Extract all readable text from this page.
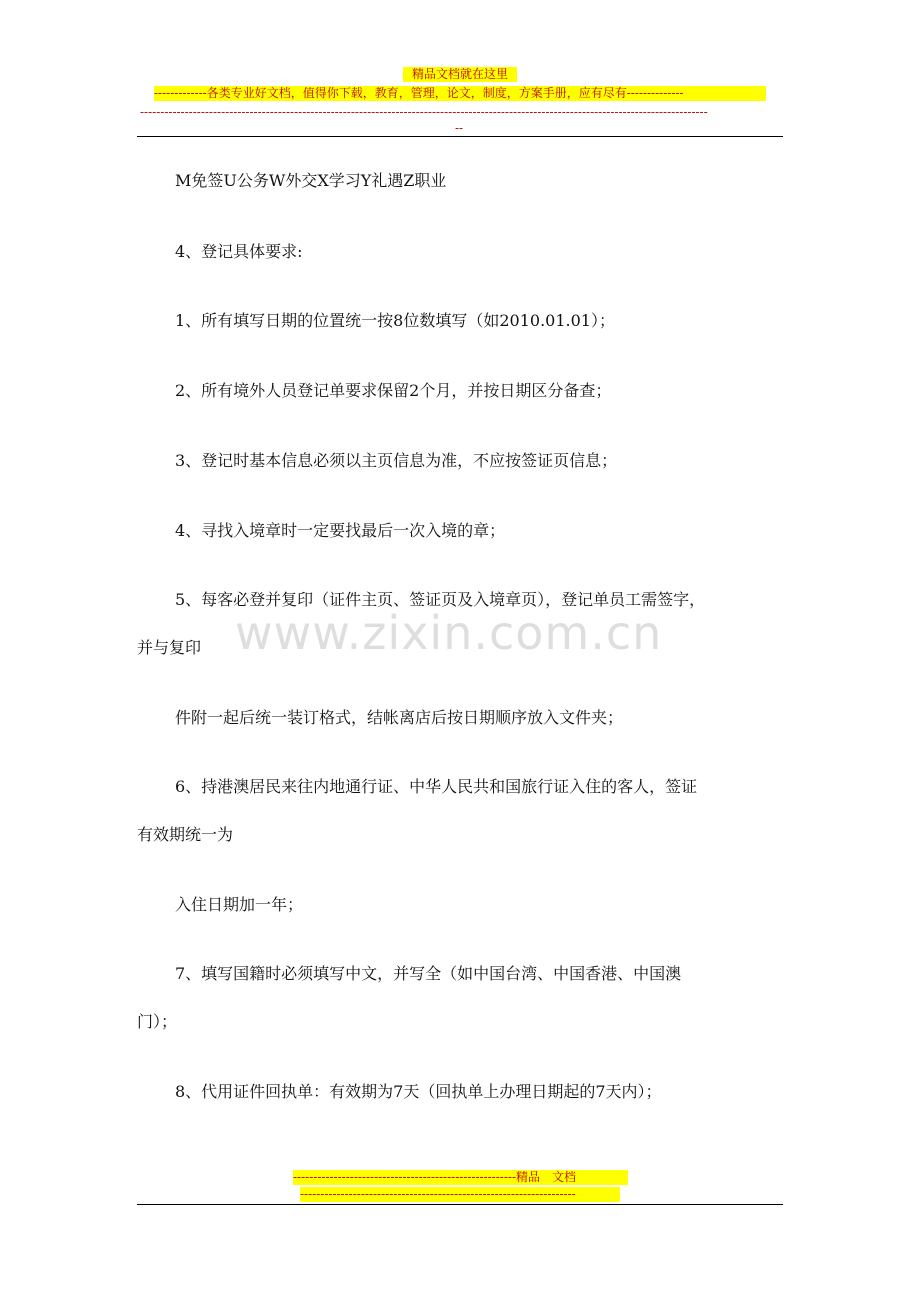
精品文档就在这里
-------------各类专业好文档，值得你下载，教育，管理，论文，制度，方案手册，应有尽有--------------
--------------------------------------------------------------------------------------------------------------------------------------------
--
www.zixin.com.cn
M免签U公务W外交X学习Y礼遇Z职业
4、登记具体要求:
1、所有填写日期的位置统一按8位数填写（如2010.01.01）；
2、所有境外人员登记单要求保留2个月，并按日期区分备查；
3、登记时基本信息必须以主页信息为准，不应按签证页信息；
4、寻找入境章时一定要找最后一次入境的章；
5、每客必登并复印（证件主页、签证页及入境章页），登记单员工需签字，
并与复印
件附一起后统一装订格式，结帐离店后按日期顺序放入文件夹；
6、持港澳居民来往内地通行证、中华人民共和国旅行证入住的客人，签证
有效期统一为
入住日期加一年；
7、填写国籍时必须填写中文，并写全（如中国台湾、中国香港、中国澳
门）；
8、代用证件回执单：有效期为7天（回执单上办理日期起的7天内）；
-------------------------------------------------------精品　文档
--------------------------------------------------------------------
